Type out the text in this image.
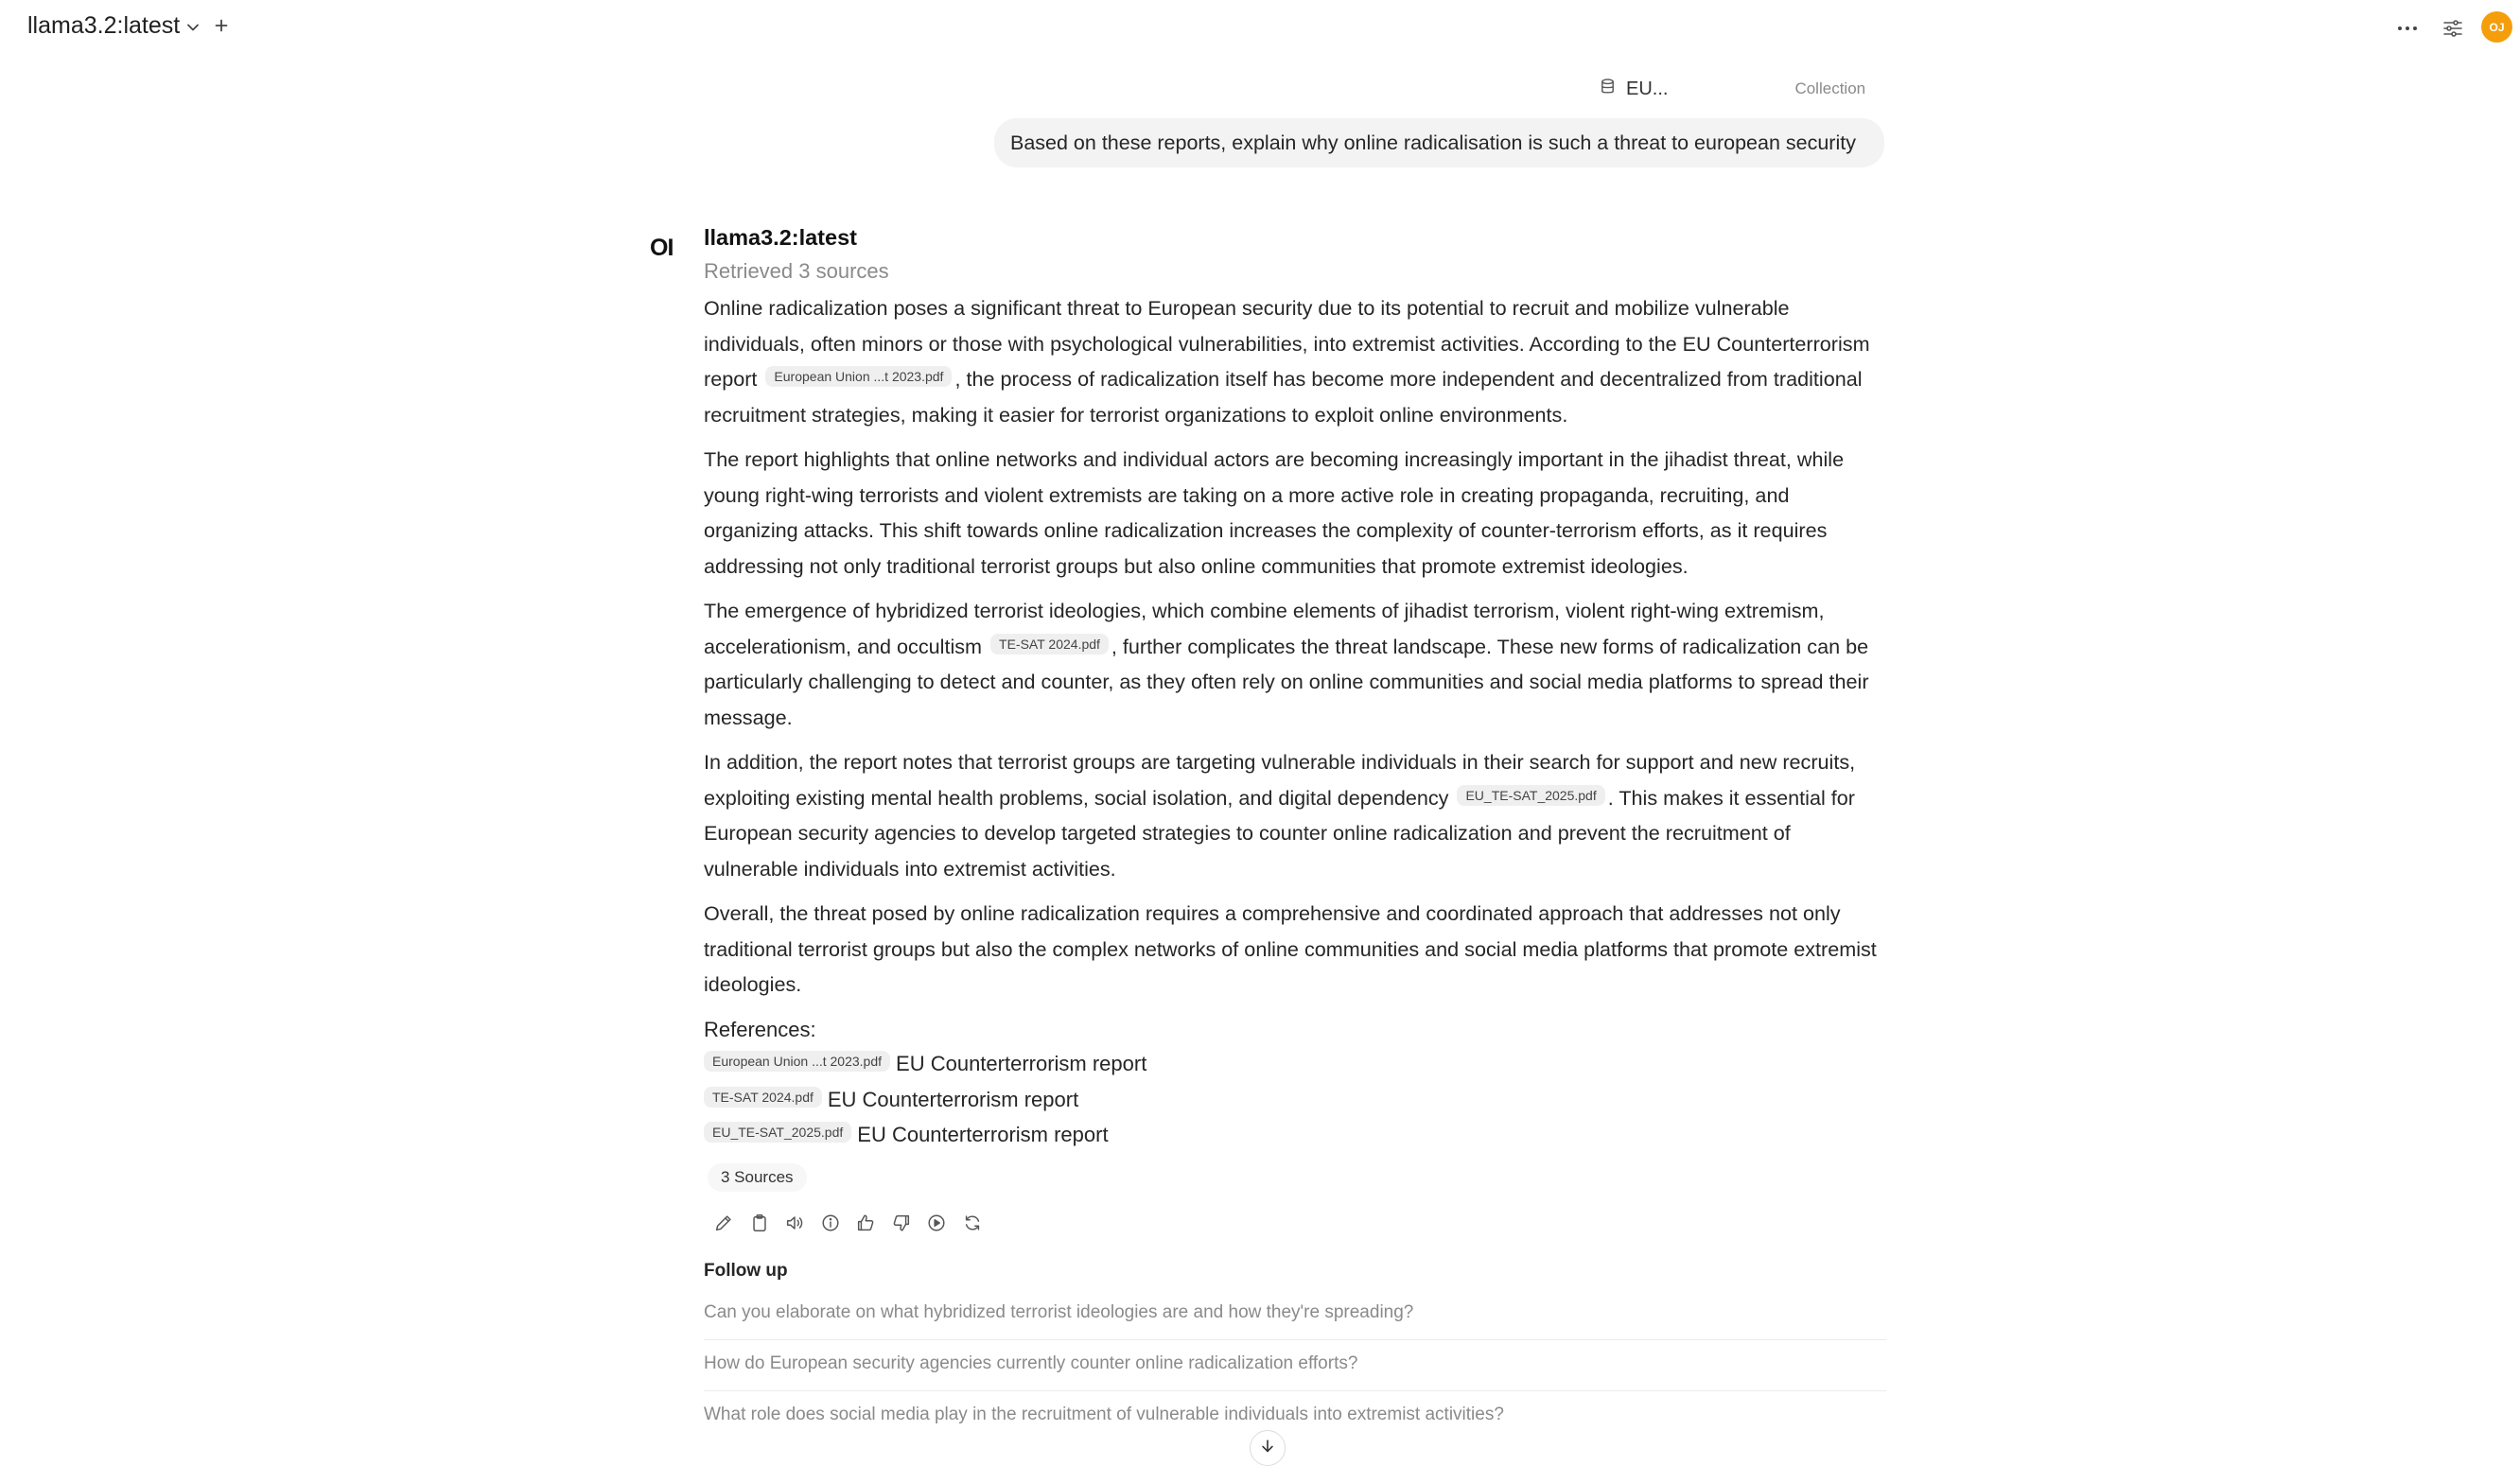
llama3.2:latest	OJ
EU...	Collection
Based on these reports, explain why online radicalisation is such a threat to european security
OI llama3.2:latest
Retrieved 3 sources

Online radicalization poses a significant threat to European security due to its potential to recruit and mobilize vulnerable individuals, often minors or those with psychological vulnerabilities, into extremist activities. According to the EU Counterterrorism report European Union ...t 2023.pdf , the process of radicalization itself has become more independent and decentralized from traditional recruitment strategies, making it easier for terrorist organizations to exploit online environments.

The report highlights that online networks and individual actors are becoming increasingly important in the jihadist threat, while young right-wing terrorists and violent extremists are taking on a more active role in creating propaganda, recruiting, and organizing attacks. This shift towards online radicalization increases the complexity of counter-terrorism efforts, as it requires addressing not only traditional terrorist groups but also online communities that promote extremist ideologies.

The emergence of hybridized terrorist ideologies, which combine elements of jihadist terrorism, violent right-wing extremism, accelerationism, and occultism TE-SAT 2024.pdf , further complicates the threat landscape. These new forms of radicalization can be particularly challenging to detect and counter, as they often rely on online communities and social media platforms to spread their message.

In addition, the report notes that terrorist groups are targeting vulnerable individuals in their search for support and new recruits, exploiting existing mental health problems, social isolation, and digital dependency EU_TE-SAT_2025.pdf . This makes it essential for European security agencies to develop targeted strategies to counter online radicalization and prevent the recruitment of vulnerable individuals into extremist activities.

Overall, the threat posed by online radicalization requires a comprehensive and coordinated approach that addresses not only traditional terrorist groups but also the complex networks of online communities and social media platforms that promote extremist ideologies.

References:
European Union ...t 2023.pdf EU Counterterrorism report
TE-SAT 2024.pdf EU Counterterrorism report
EU_TE-SAT_2025.pdf EU Counterterrorism report
3 Sources
Follow up
Can you elaborate on what hybridized terrorist ideologies are and how they're spreading?
How do European security agencies currently counter online radicalization efforts?
What role does social media play in the recruitment of vulnerable individuals into extremist activities?
